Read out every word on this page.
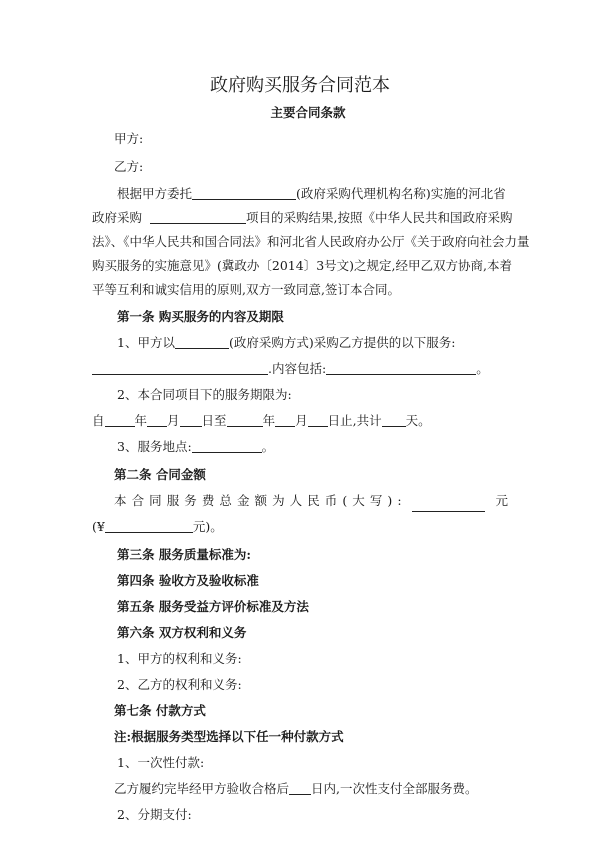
政府购买服务合同范本
主要合同条款
甲方:
乙方:
根据甲方委托	(政府采购代理机构名称)实施的河北省
政府采购	项目的采购结果,按照《中华人民共和国政府采购
法》、《中华人民共和国合同法》和河北省人民政府办公厅《关于政府向社会力量
购买服务的实施意见》(冀政办〔2014〕3号文)之规定,经甲乙双方协商,本着
平等互利和诚实信用的原则,双方一致同意,签订本合同。
第一条 购买服务的内容及期限
1、甲方以	(政府采购方式)采购乙方提供的以下服务:
.内容包括:	。
2、本合同项目下的服务期限为:
自 年 月 日至	年 月 日止,共计 天。
3、服务地点:	。
第二条 合同金额
本 合 同 服 务 费 总 金 额 为 人 民 币 ( 大 写 ) :	元
(¥	元)。
第三条 服务质量标准为:
第四条 验收方及验收标准
第五条 服务受益方评价标准及方法
第六条 双方权利和义务
1、甲方的权利和义务:
2、乙方的权利和义务:
第七条 付款方式
注:根据服务类型选择以下任一种付款方式
1、一次性付款:
乙方履约完毕经甲方验收合格后 日内,一次性支付全部服务费。
2、分期支付:
